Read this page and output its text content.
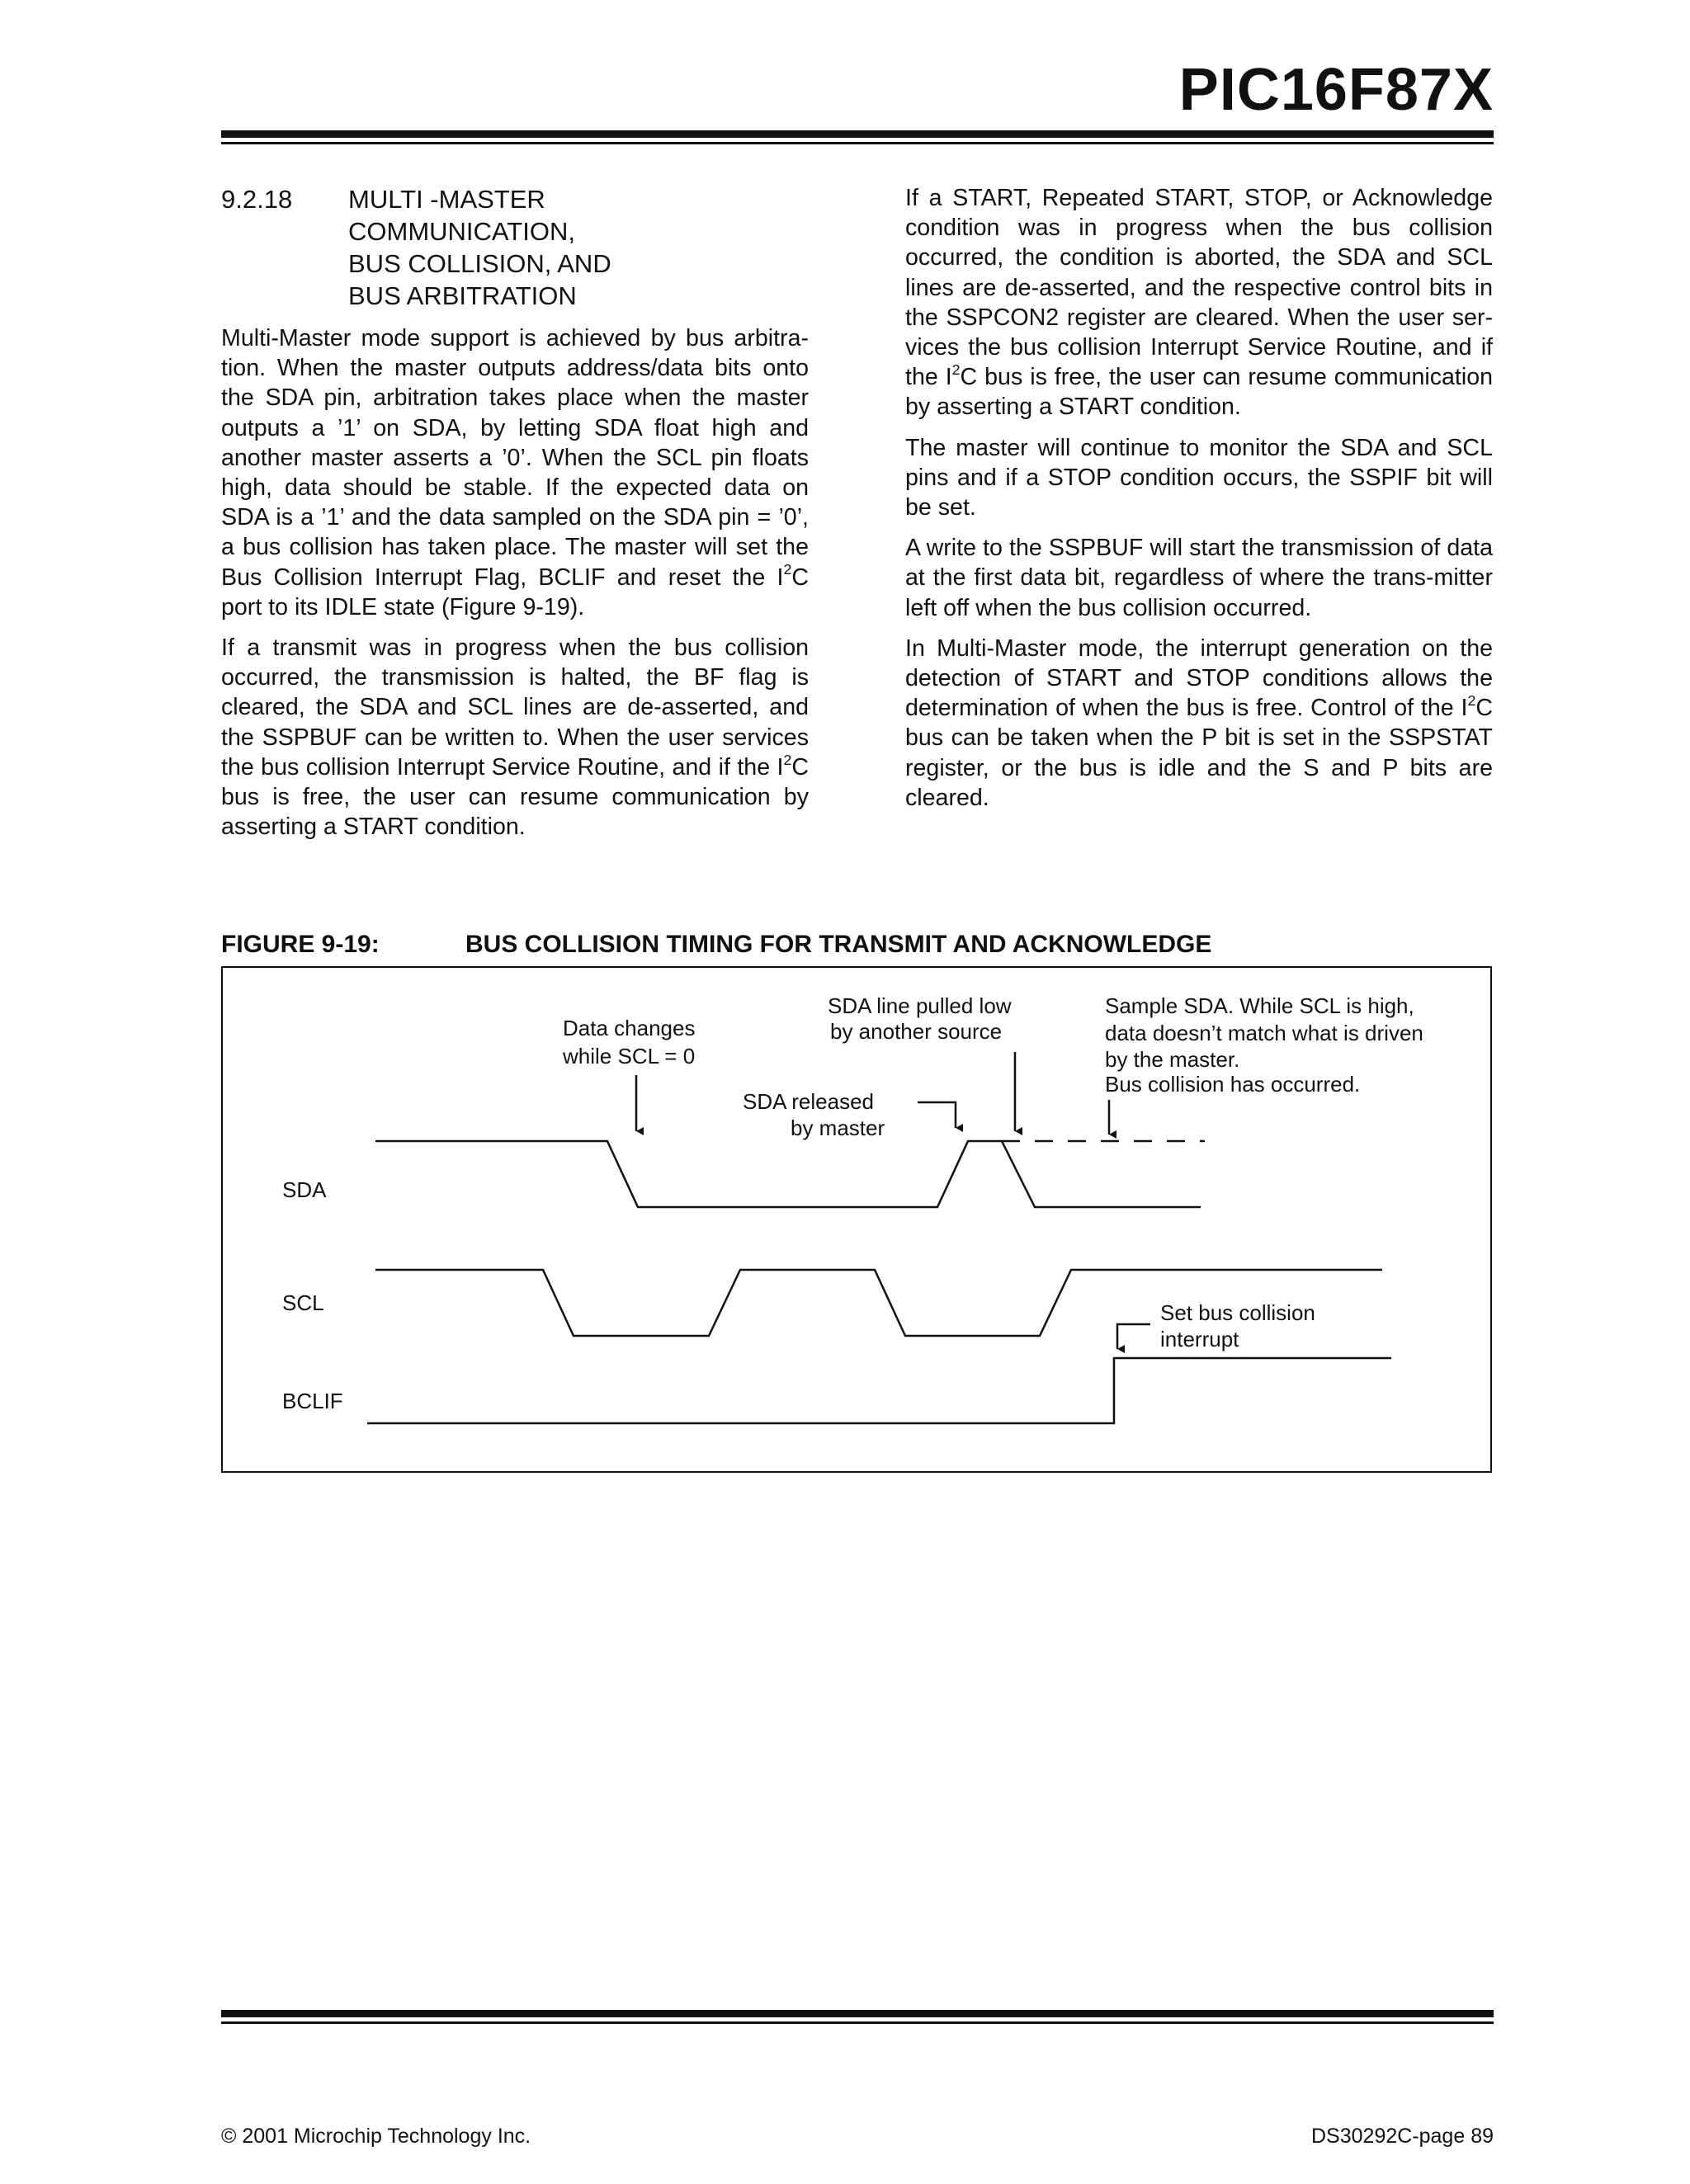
PIC16F87X
9.2.18	MULTI -MASTER
COMMUNICATION,
BUS COLLISION, AND
BUS ARBITRATION

Multi-Master mode support is achieved by bus arbitra-tion. When the master outputs address/data bits onto the SDA pin, arbitration takes place when the master outputs a ’1’ on SDA, by letting SDA float high and another master asserts a ’0’. When the SCL pin floats high, data should be stable. If the expected data on SDA is a ’1’ and the data sampled on the SDA pin = ’0’, a bus collision has taken place. The master will set the Bus Collision Interrupt Flag, BCLIF and reset the $I^2C$ port to its IDLE state (Figure 9-19).

If a transmit was in progress when the bus collision occurred, the transmission is halted, the BF flag is cleared, the SDA and SCL lines are de-asserted, and the SSPBUF can be written to. When the user services the bus collision Interrupt Service Routine, and if the $I^2C$ bus is free, the user can resume communication by asserting a START condition.

If a START, Repeated START, STOP, or Acknowledge condition was in progress when the bus collision occurred, the condition is aborted, the SDA and SCL lines are de-asserted, and the respective control bits in the SSPCON2 register are cleared. When the user ser-vices the bus collision Interrupt Service Routine, and if the $I^2C$ bus is free, the user can resume communication by asserting a START condition.

The master will continue to monitor the SDA and SCL pins and if a STOP condition occurs, the SSPIF bit will be set.

A write to the SSPBUF will start the transmission of data at the first data bit, regardless of where the trans-mitter left off when the bus collision occurred.

In Multi-Master mode, the interrupt generation on the detection of START and STOP conditions allows the determination of when the bus is free. Control of the $I^2C$ bus can be taken when the P bit is set in the SSPSTAT register, or the bus is idle and the S and P bits are cleared.

FIGURE 9-19:	BUS COLLISION TIMING FOR TRANSMIT AND ACKNOWLEDGE
SDA
SCL
BCLIF
Data changes
while SCL = 0
SDA line pulled low
by another source
SDA released
by master
Sample SDA. While SCL is high,
data doesn’t match what is driven
by the master.
Bus collision has occurred.
Set bus collision
interrupt
© 2001 Microchip Technology Inc.	DS30292C-page 89
